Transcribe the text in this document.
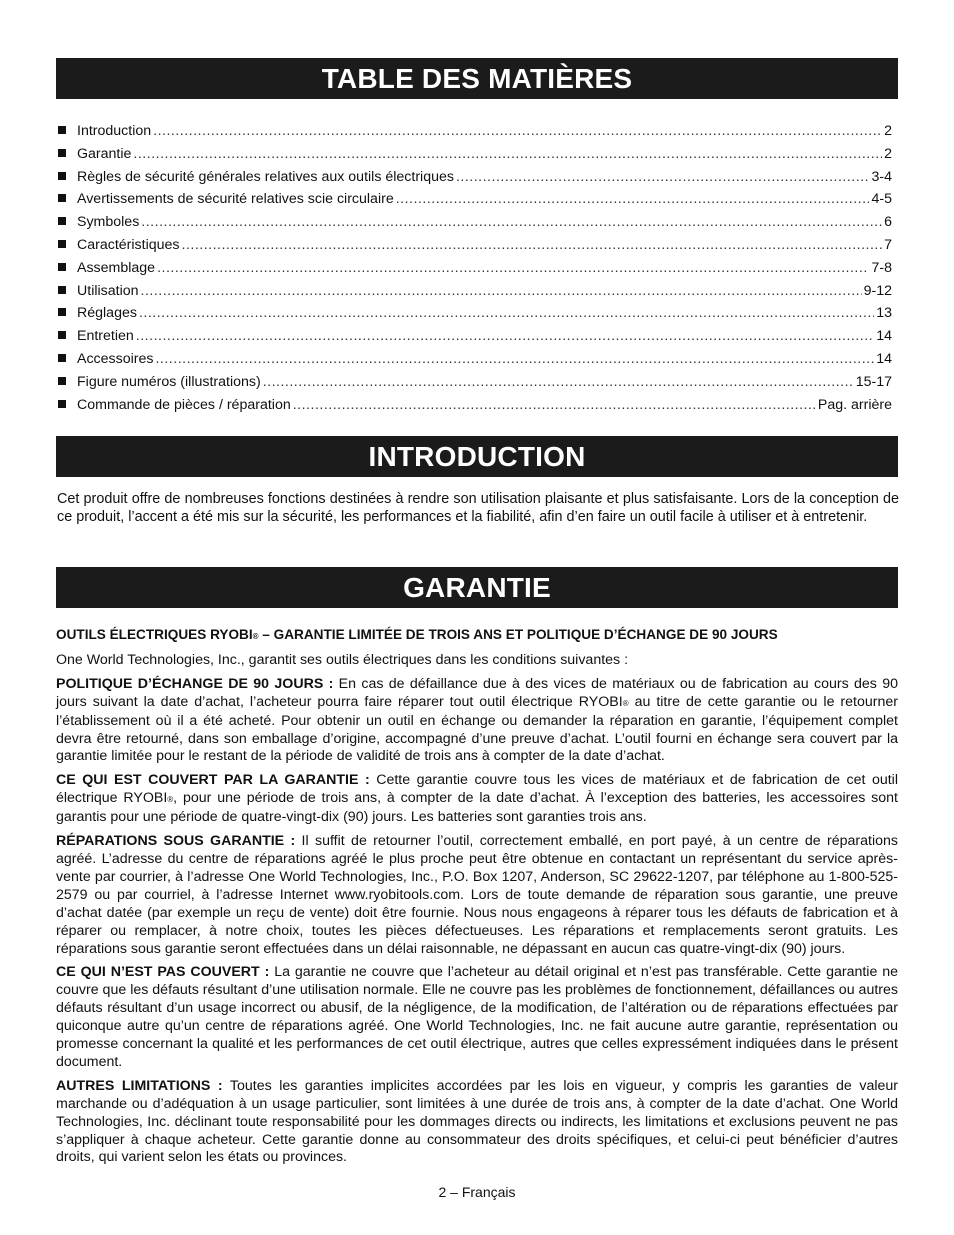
TABLE DES MATIÈRES
Introduction .....	2
Garantie .....	2
Règles de sécurité générales relatives aux outils électriques .....	3-4
Avertissements de sécurité relatives scie circulaire .....	4-5
Symboles .....	6
Caractéristiques .....	7
Assemblage .....	7-8
Utilisation .....	9-12
Réglages .....	13
Entretien .....	14
Accessoires .....	14
Figure numéros (illustrations) .....	15-17
Commande de pièces / réparation .....	Pag. arrière
INTRODUCTION
Cet produit offre de nombreuses fonctions destinées à rendre son utilisation plaisante et plus satisfaisante. Lors de la conception de ce produit, l’accent a été mis sur la sécurité, les performances et la fiabilité, afin d’en faire un outil facile à utiliser et à entretenir.
GARANTIE

OUTILS ÉLECTRIQUES RYOBI® – GARANTIE LIMITÉE DE TROIS ANS ET POLITIQUE D’ÉCHANGE DE 90 JOURS

One World Technologies, Inc., garantit ses outils électriques dans les conditions suivantes :

POLITIQUE D’ÉCHANGE DE 90 JOURS : En cas de défaillance due à des vices de matériaux ou de fabrication au cours des 90 jours suivant la date d’achat, l’acheteur pourra faire réparer tout outil électrique RYOBI® au titre de cette garantie ou le retourner l’établissement où il a été acheté. Pour obtenir un outil en échange ou demander la réparation en garantie, l’équipement complet devra être retourné, dans son emballage d’origine, accompagné d’une preuve d’achat. L’outil fourni en échange sera couvert par la garantie limitée pour le restant de la période de validité de trois ans à compter de la date d’achat.

CE QUI EST COUVERT PAR LA GARANTIE : Cette garantie couvre tous les vices de matériaux et de fabrication de cet outil électrique RYOBI®, pour une période de trois ans, à compter de la date d’achat. À l’exception des batteries, les accessoires sont garantis pour une période de quatre-vingt-dix (90) jours. Les batteries sont garanties trois ans.

RÉPARATIONS SOUS GARANTIE : Il suffit de retourner l’outil, correctement emballé, en port payé, à un centre de réparations agréé. L’adresse du centre de réparations agréé le plus proche peut être obtenue en contactant un représentant du service après-vente par courrier, à l’adresse One World Technologies, Inc., P.O. Box 1207, Anderson, SC 29622-1207, par téléphone au 1-800-525-2579 ou par courriel, à l’adresse Internet www.ryobitools.com. Lors de toute demande de réparation sous garantie, une preuve d’achat datée (par exemple un reçu de vente) doit être fournie. Nous nous engageons à réparer tous les défauts de fabrication et à réparer ou remplacer, à notre choix, toutes les pièces défectueuses. Les réparations et remplacements seront gratuits. Les réparations sous garantie seront effectuées dans un délai raisonnable, ne dépassant en aucun cas quatre-vingt-dix (90) jours.

CE QUI N’EST PAS COUVERT : La garantie ne couvre que l’acheteur au détail original et n’est pas transférable. Cette garantie ne couvre que les défauts résultant d’une utilisation normale. Elle ne couvre pas les problèmes de fonctionnement, défaillances ou autres défauts résultant d’un usage incorrect ou abusif, de la négligence, de la modification, de l’altération ou de réparations effectuées par quiconque autre qu’un centre de réparations agréé. One World Technologies, Inc. ne fait aucune autre garantie, représentation ou promesse concernant la qualité et les performances de cet outil électrique, autres que celles expressément indiquées dans le présent document.

AUTRES LIMITATIONS : Toutes les garanties implicites accordées par les lois en vigueur, y compris les garanties de valeur marchande ou d’adéquation à un usage particulier, sont limitées à une durée de trois ans, à compter de la date d’achat. One World Technologies, Inc. déclinant toute responsabilité pour les dommages directs ou indirects, les limitations et exclusions peuvent ne pas s’appliquer à chaque acheteur. Cette garantie donne au consommateur des droits spécifiques, et celui-ci peut bénéficier d’autres droits, qui varient selon les états ou provinces.

2 – Français
